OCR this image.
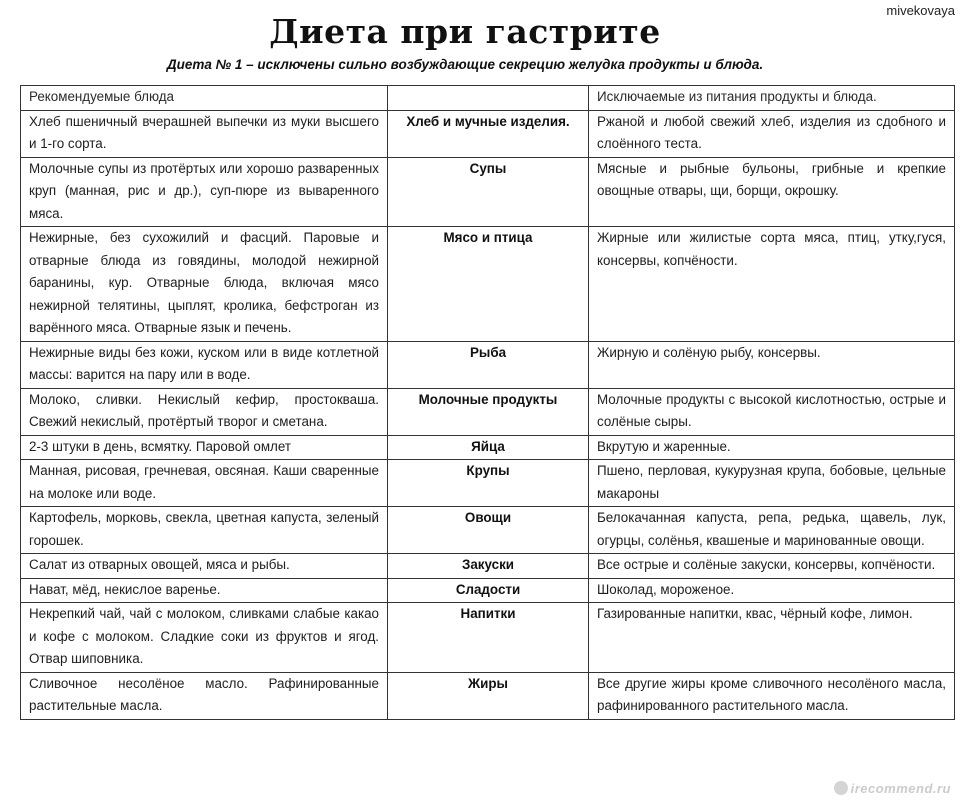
mivekovaya
Диета при гастрите
Диета № 1 – исключены сильно возбуждающие секрецию желудка продукты и блюда.
Рекомендуемые блюда		Исключаемые из питания продукты и блюда.
Хлеб пшеничный вчерашней выпечки из муки высшего и 1-го сорта.	Хлеб и мучные изделия.	Ржаной и любой свежий хлеб, изделия из сдобного и слоённого теста.
Молочные супы из протёртых или хорошо разваренных круп (манная, рис и др.), суп-пюре из вываренного мяса.	Супы	Мясные и рыбные бульоны, грибные и крепкие овощные отвары, щи, борщи, окрошку.
Нежирные, без сухожилий и фасций. Паровые и отварные блюда из говядины, молодой нежирной баранины, кур. Отварные блюда, включая мясо нежирной телятины, цыплят, кролика, бефстроган из варённого мяса. Отварные язык и печень.	Мясо и птица	Жирные или жилистые сорта мяса, птиц, утку,гуся, консервы, копчёности.
Нежирные виды без кожи, куском или в виде котлетной массы: варится на пару или в воде.	Рыба	Жирную и солёную рыбу, консервы.
Молоко, сливки. Некислый кефир, простокваша. Свежий некислый, протёртый творог и сметана.	Молочные продукты	Молочные продукты с высокой кислотностью, острые и солёные сыры.
2-3 штуки в день, всмятку. Паровой омлет	Яйца	Вкрутую и жаренные.
Манная, рисовая, гречневая, овсяная. Каши сваренные на молоке или воде.	Крупы	Пшено, перловая, кукурузная крупа, бобовые, цельные макароны
Картофель, морковь, свекла, цветная капуста, зеленый горошек.	Овощи	Белокачанная капуста, репа, редька, щавель, лук, огурцы, солёнья, квашеные и маринованные овощи.
Салат из отварных овощей, мяса и рыбы.	Закуски	Все острые и солёные закуски, консервы, копчёности.
Нават, мёд, некислое варенье.	Сладости	Шоколад, мороженое.
Некрепкий чай, чай с молоком, сливками слабые какао и кофе с молоком. Сладкие соки из фруктов и ягод. Отвар шиповника.	Напитки	Газированные напитки, квас, чёрный кофе, лимон.
Сливочное несолёное масло. Рафинированные растительные масла.	Жиры	Все другие жиры кроме сливочного несолёного масла, рафинированного растительного масла.
irecommend.ru
